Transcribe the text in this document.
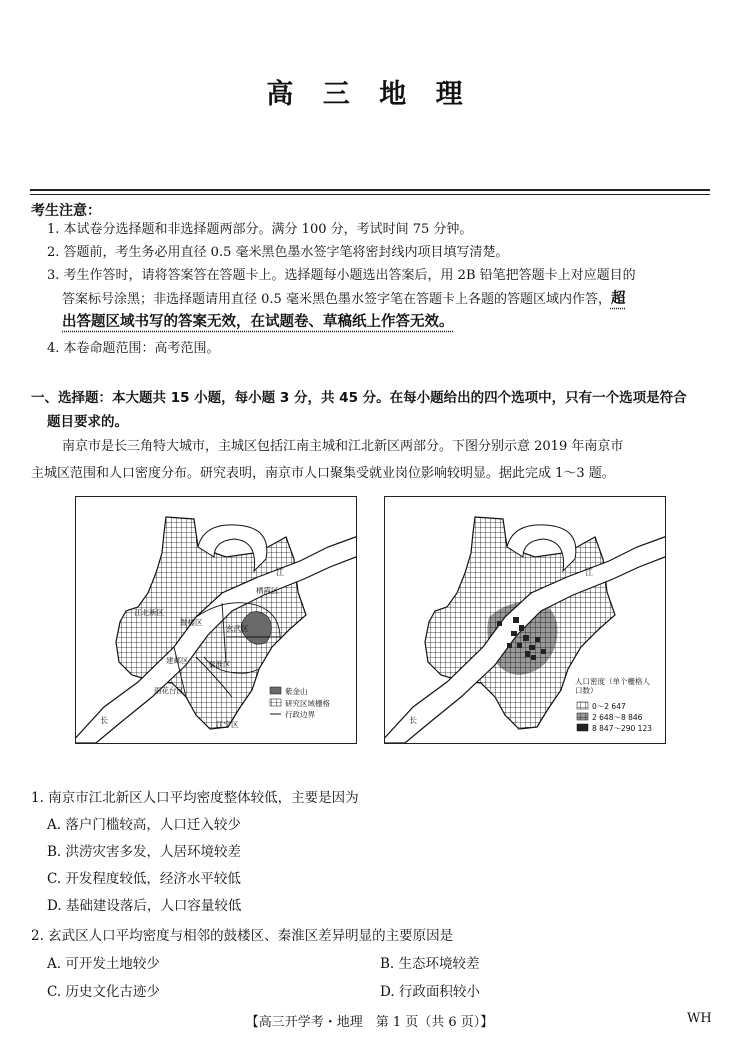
高 三 地 理
考生注意：
1. 本试卷分选择题和非选择题两部分。满分 100 分，考试时间 75 分钟。
2. 答题前，考生务必用直径 0.5 毫米黑色墨水签字笔将密封线内项目填写清楚。
3. 考生作答时，请将答案答在答题卡上。选择题每小题选出答案后，用 2B 铅笔把答题卡上对应题目的
答案标号涂黑；非选择题请用直径 0.5 毫米黑色墨水签字笔在答题卡上各题的答题区域内作答，超
出答题区域书写的答案无效，在试题卷、草稿纸上作答无效。
4. 本卷命题范围：高考范围。
一、选择题：本大题共 15 小题，每小题 3 分，共 45 分。在每小题给出的四个选项中，只有一个选项是符合
题目要求的。
南京市是长三角特大城市，主城区包括江南主城和江北新区两部分。下图分别示意 2019 年南京市
主城区范围和人口密度分布。研究表明，南京市人口聚集受就业岗位影响较明显。据此完成 1～3 题。
江
长
栖霞区
鼓楼区
玄武区
建邺区	秦淮区
江北新区
雨花台区
江宁区
紫金山
研究区域栅格
行政边界
江
长
人口密度（单个栅格人口数）
0～2 647
2 648～8 846
8 847～290 123
1. 南京市江北新区人口平均密度整体较低，主要是因为
A. 落户门槛较高，人口迁入较少
B. 洪涝灾害多发，人居环境较差
C. 开发程度较低，经济水平较低
D. 基础建设落后，人口容量较低
2. 玄武区人口平均密度与相邻的鼓楼区、秦淮区差异明显的主要原因是
A. 可开发土地较少	B. 生态环境较差
C. 历史文化古迹少	D. 行政面积较小
【高三开学考・地理　第 1 页（共 6 页）】	WH
